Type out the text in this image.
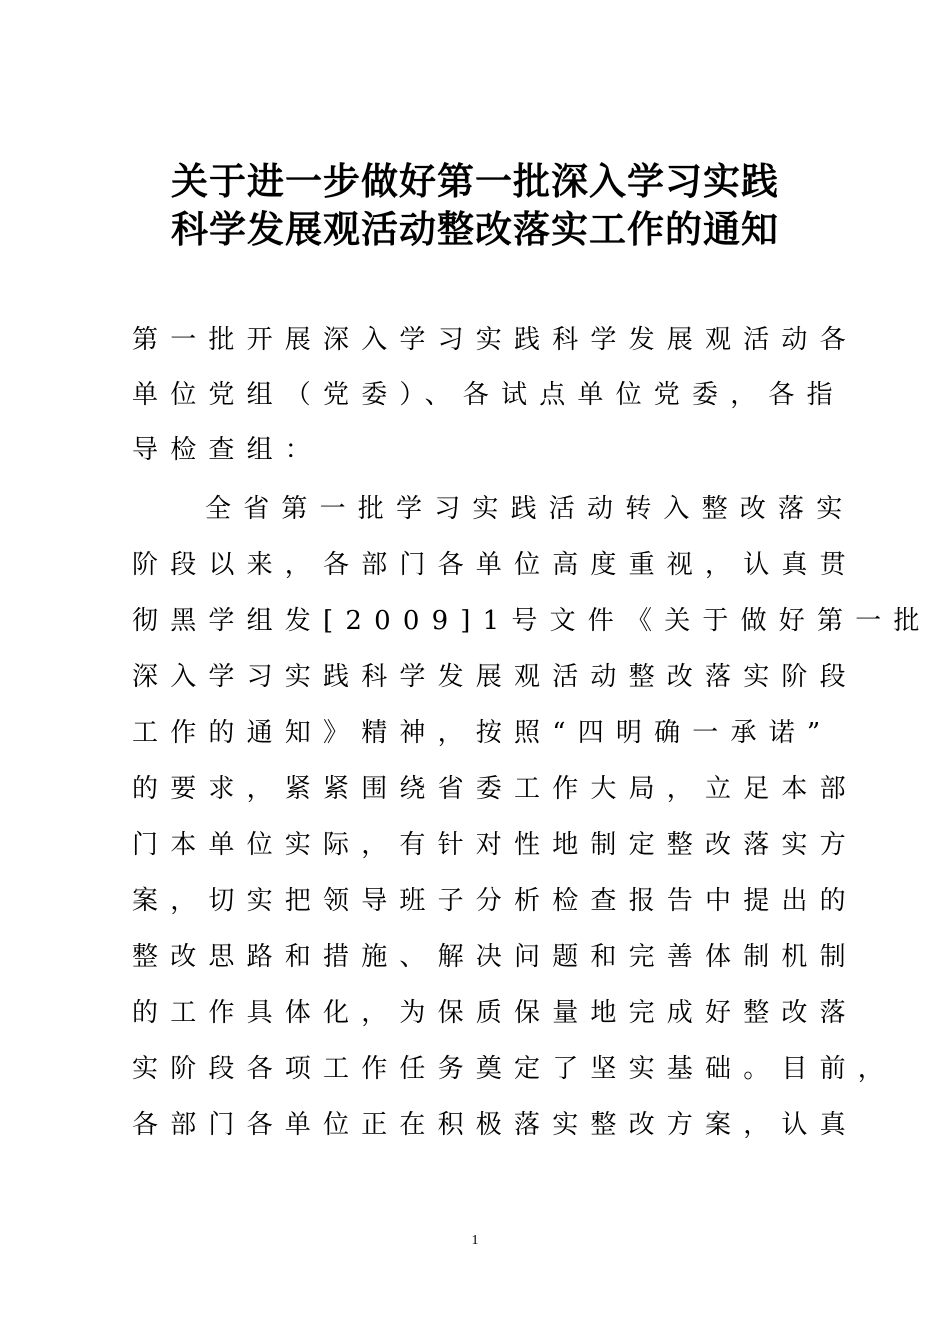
关于进一步做好第一批深入学习实践
科学发展观活动整改落实工作的通知
第一批开展深入学习实践科学发展观活动各
单位党组（党委）、各试点单位党委，各指
导检查组：
全省第一批学习实践活动转入整改落实
阶段以来，各部门各单位高度重视，认真贯
彻黑学组发[2009]1号文件《关于做好第一批
深入学习实践科学发展观活动整改落实阶段
工作的通知》精神，按照“四明确一承诺”
的要求，紧紧围绕省委工作大局，立足本部
门本单位实际，有针对性地制定整改落实方
案，切实把领导班子分析检查报告中提出的
整改思路和措施、解决问题和完善体制机制
的工作具体化，为保质保量地完成好整改落
实阶段各项工作任务奠定了坚实基础。目前，
各部门各单位正在积极落实整改方案，认真
1
